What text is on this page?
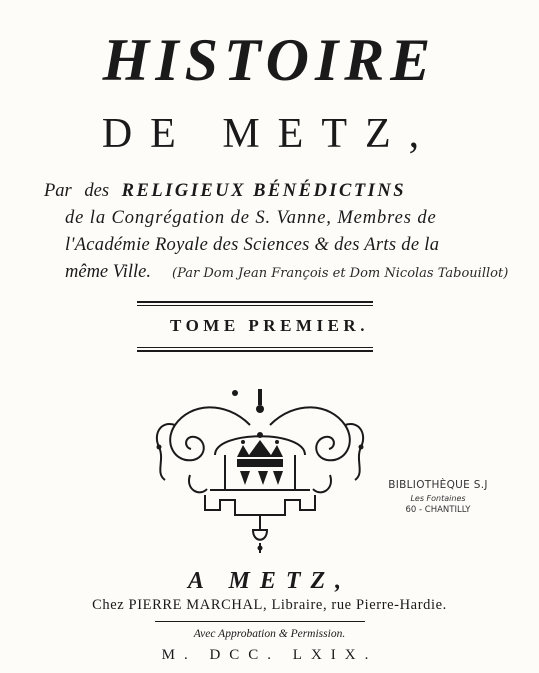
HISTOIRE
DE METZ,
Par des RELIGIEUX BÉNÉDICTINS
de la Congrégation de S. Vanne, Membres de
l'Académie Royale des Sciences & des Arts de la
même Ville. (Par Dom Jean François et Dom Nicolas Tabouillot)
TOME PREMIER.
BIBLIOTHÈQUE S.J
Les Fontaines
60 - CHANTILLY
A METZ,
Chez PIERRE MARCHAL, Libraire, rue Pierre-Hardie.
Avec Approbation & Permission.
M. DCC. LXIX.
